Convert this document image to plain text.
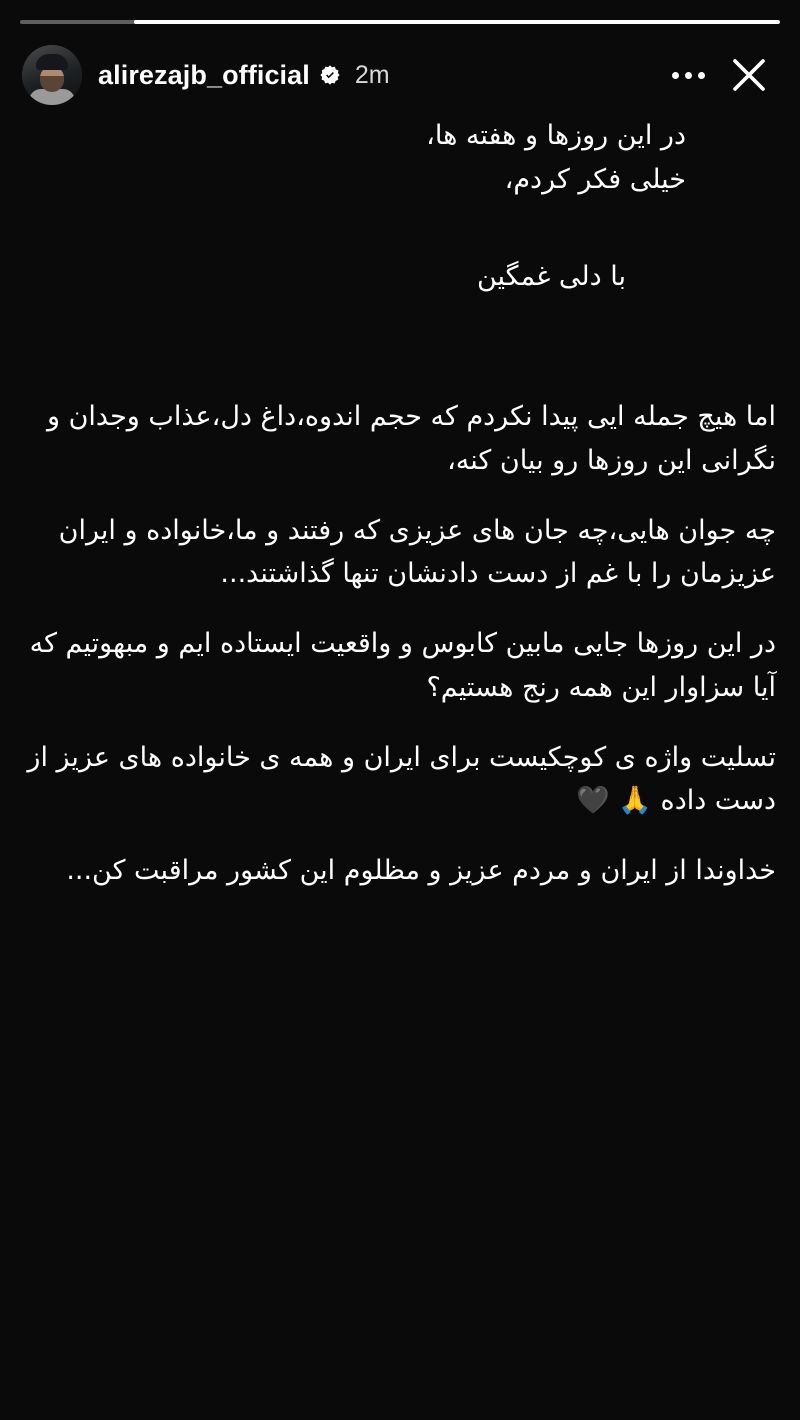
alirezajb_official 2m
در این روزها و هفته ها،
خیلی فکر کردم،
با دلی غمگین
اما هیچ جمله ایی پیدا نکردم که حجم اندوه،داغ دل،عذاب وجدان و نگرانی این روزها رو بیان کنه،
چه جوان هایی،چه جان های عزیزی که رفتند و ما،خانواده و ایران عزیزمان را با غم از دست دادنشان تنها گذاشتند...
در این روزها جایی مابین کابوس و واقعیت ایستاده ایم و مبهوتیم که آیا سزاوار این همه رنج هستیم؟
تسلیت واژه ی کوچکیست برای ایران و همه ی خانواده های عزیز از دست داده 🙏 🖤
خداوندا از ایران و مردم عزیز و مظلوم این کشور مراقبت کن...
